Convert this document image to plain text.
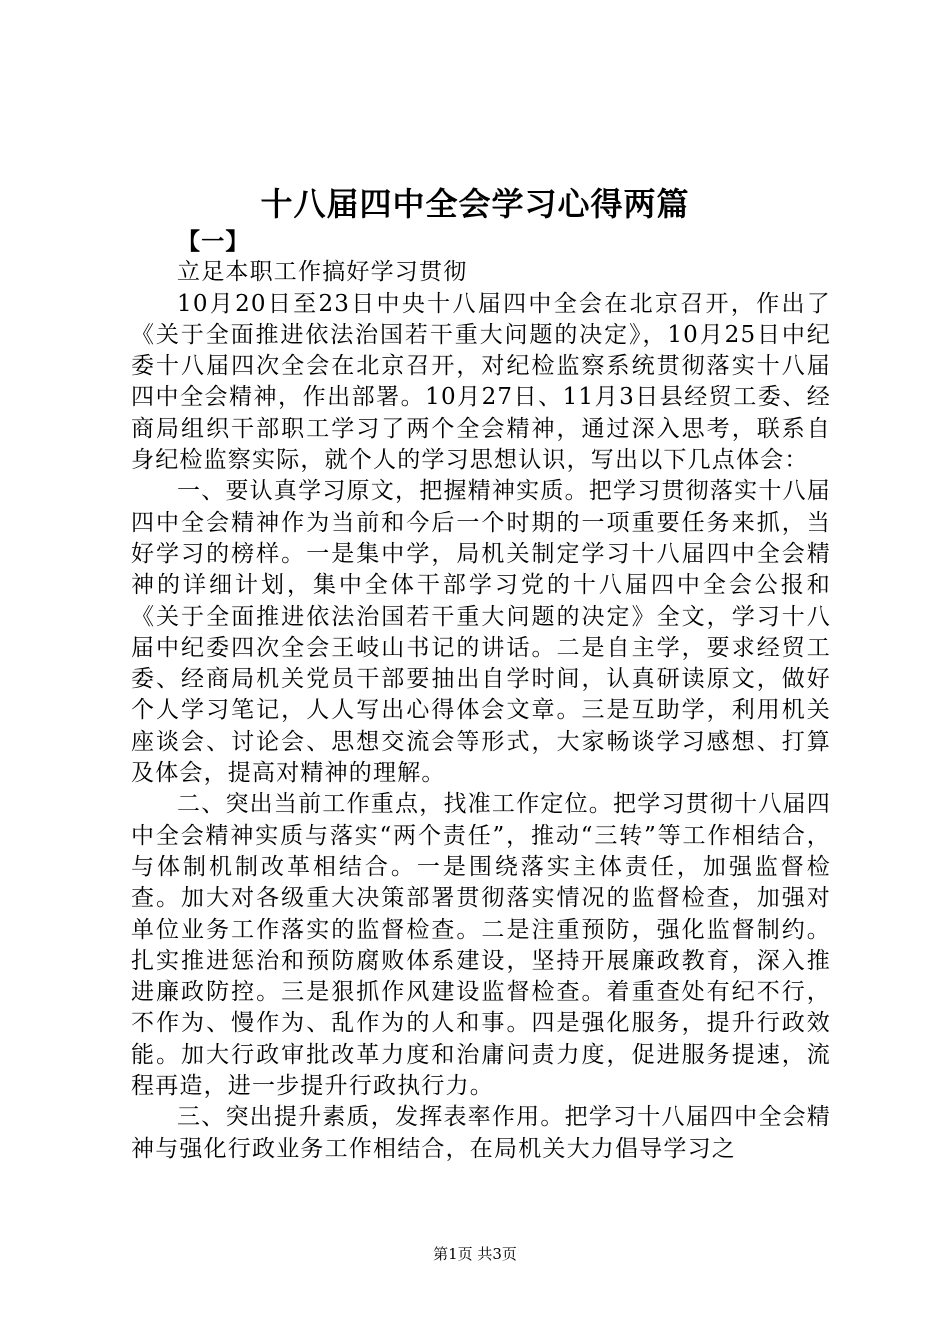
十八届四中全会学习心得两篇

【一】

立足本职工作搞好学习贯彻

10月20日至23日中央十八届四中全会在北京召开，作出了《关于全面推进依法治国若干重大问题的决定》，10月25日中纪委十八届四次全会在北京召开，对纪检监察系统贯彻落实十八届四中全会精神，作出部署。10月27日、11月3日县经贸工委、经商局组织干部职工学习了两个全会精神，通过深入思考，联系自身纪检监察实际，就个人的学习思想认识，写出以下几点体会：

一、要认真学习原文，把握精神实质。把学习贯彻落实十八届四中全会精神作为当前和今后一个时期的一项重要任务来抓，当好学习的榜样。一是集中学，局机关制定学习十八届四中全会精神的详细计划，集中全体干部学习党的十八届四中全会公报和《关于全面推进依法治国若干重大问题的决定》全文，学习十八届中纪委四次全会王岐山书记的讲话。二是自主学，要求经贸工委、经商局机关党员干部要抽出自学时间，认真研读原文，做好个人学习笔记，人人写出心得体会文章。三是互助学，利用机关座谈会、讨论会、思想交流会等形式，大家畅谈学习感想、打算及体会，提高对精神的理解。

二、突出当前工作重点，找准工作定位。把学习贯彻十八届四中全会精神实质与落实“两个责任”，推动“三转”等工作相结合，与体制机制改革相结合。一是围绕落实主体责任，加强监督检查。加大对各级重大决策部署贯彻落实情况的监督检查，加强对单位业务工作落实的监督检查。二是注重预防，强化监督制约。扎实推进惩治和预防腐败体系建设，坚持开展廉政教育，深入推进廉政防控。三是狠抓作风建设监督检查。着重查处有纪不行，不作为、慢作为、乱作为的人和事。四是强化服务，提升行政效能。加大行政审批改革力度和治庸问责力度，促进服务提速，流程再造，进一步提升行政执行力。

三、突出提升素质，发挥表率作用。把学习十八届四中全会精神与强化行政业务工作相结合，在局机关大力倡导学习之

第1页 共3页
